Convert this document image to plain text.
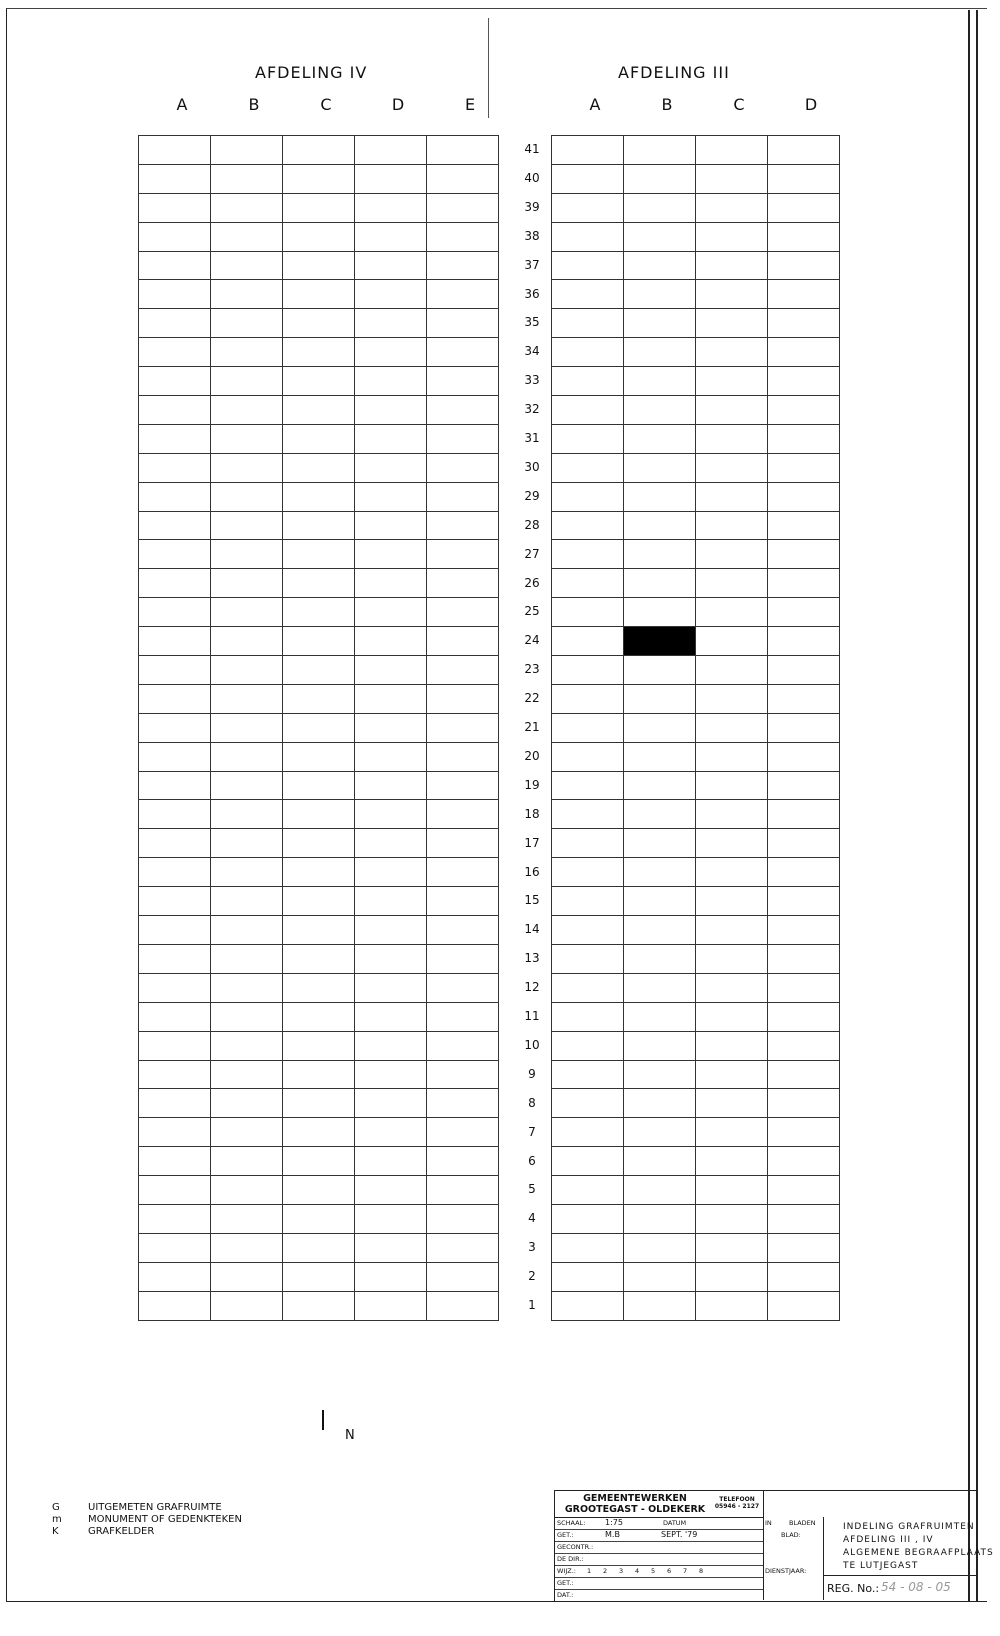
AFDELING IV	AFDELING III
A	B	C	D	E	A	B	C	D
41
40
39
38
37
36
35
34
33
32
31
30
29
28
27
26
25
24
23
22
21
20
19
18
17
16
15
14
13
12
11
10
9
8
7
6
5
4
3
2
1
N
G	UITGEMETEN GRAFRUIMTE
m	MONUMENT OF GEDENKTEKEN
K	GRAFKELDER
GEMEENTEWERKEN
GROOTEGAST - OLDEKERK
TELEFOON
05946 - 2127
SCHAAL: 1:75	DATUM
GET.:	M.B	SEPT. '79
GECONTR.:
DE DIR.:
WIJZ.: 1 2 3 4 5 6 7 8
GET.:
DAT.:
IN	BLADEN
BLAD:
DIENSTJAAR:
INDELING GRAFRUIMTEN
AFDELING III , IV
ALGEMENE BEGRAAFPLAATS
TE LUTJEGAST
REG. No.: 54 - 08 - 05
